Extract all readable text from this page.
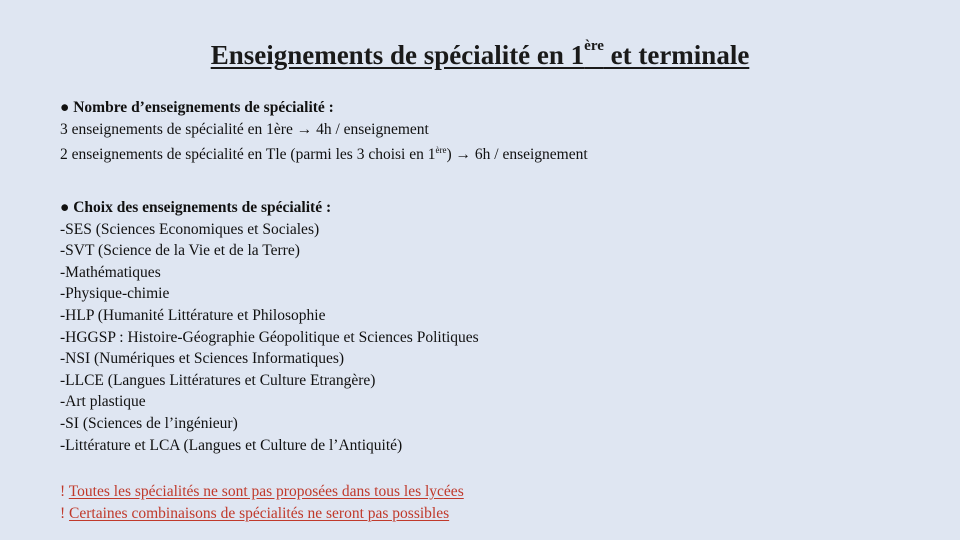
Enseignements de spécialité en 1ère et terminale
● Nombre d’enseignements de spécialité :
3 enseignements de spécialité en 1ère → 4h / enseignement
2 enseignements de spécialité en Tle (parmi les 3 choisi en 1ère) → 6h / enseignement
● Choix des enseignements de spécialité :
-SES (Sciences Economiques et Sociales)
-SVT (Science de la Vie et de la Terre)
-Mathématiques
-Physique-chimie
-HLP (Humanité Littérature et Philosophie
-HGGSP : Histoire-Géographie Géopolitique et Sciences Politiques
-NSI (Numériques et Sciences Informatiques)
-LLCE (Langues Littératures et Culture Etrangère)
-Art plastique
-SI (Sciences de l’ingénieur)
-Littérature et LCA (Langues et Culture de l’Antiquité)
! Toutes les spécialités ne sont pas proposées dans tous les lycées
! Certaines combinaisons de spécialités ne seront pas possibles
